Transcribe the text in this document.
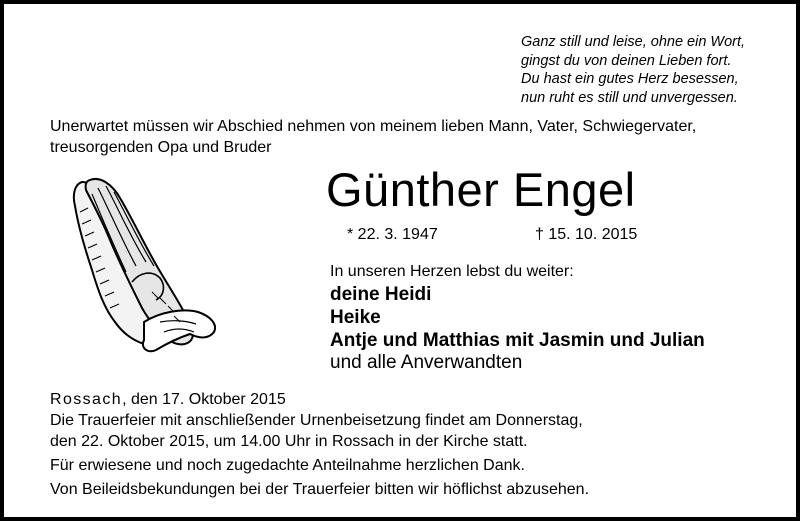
Ganz still und leise, ohne ein Wort,
gingst du von deinen Lieben fort.
Du hast ein gutes Herz besessen,
nun ruht es still und unvergessen.
Unerwartet müssen wir Abschied nehmen von meinem lieben Mann, Vater, Schwiegervater,
treusorgenden Opa und Bruder
Günther Engel
* 22. 3. 1947	† 15. 10. 2015
In unseren Herzen lebst du weiter:
deine Heidi
Heike
Antje und Matthias mit Jasmin und Julian
und alle Anverwandten
Rossach, den 17. Oktober 2015
Die Trauerfeier mit anschließender Urnenbeisetzung findet am Donnerstag,
den 22. Oktober 2015, um 14.00 Uhr in Rossach in der Kirche statt.
Für erwiesene und noch zugedachte Anteilnahme herzlichen Dank.
Von Beileidsbekundungen bei der Trauerfeier bitten wir höflichst abzusehen.
